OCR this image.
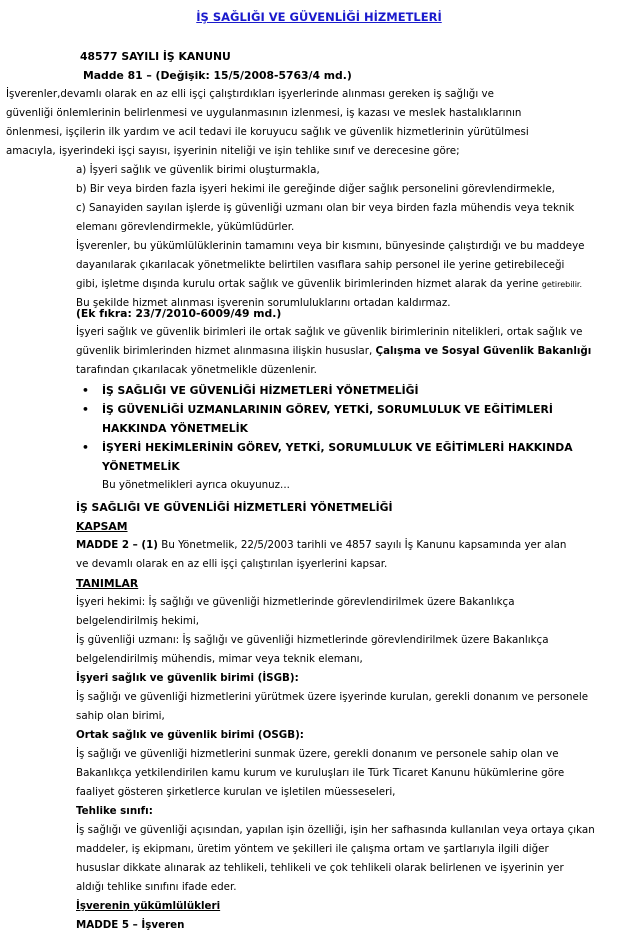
İŞ SAĞLIĞI VE GÜVENLİĞİ HİZMETLERİ
48577 SAYILI İŞ KANUNU
Madde 81 – (Değişik: 15/5/2008-5763/4 md.)
İşverenler,devamlı olarak en az elli işçi çalıştırdıkları işyerlerinde alınması gereken iş sağlığı ve
güvenliği önlemlerinin belirlenmesi ve uygulanmasının izlenmesi, iş kazası ve meslek hastalıklarının
önlenmesi, işçilerin ilk yardım ve acil tedavi ile koruyucu sağlık ve güvenlik hizmetlerinin yürütülmesi
amacıyla, işyerindeki işçi sayısı, işyerinin niteliği ve işin tehlike sınıf ve derecesine göre;
a) İşyeri sağlık ve güvenlik birimi oluşturmakla,
b) Bir veya birden fazla işyeri hekimi ile gereğinde diğer sağlık personelini görevlendirmekle,
c) Sanayiden sayılan işlerde iş güvenliği uzmanı olan bir veya birden fazla mühendis veya teknik
elemanı görevlendirmekle, yükümlüdürler.
İşverenler, bu yükümlülüklerinin tamamını veya bir kısmını, bünyesinde çalıştırdığı ve bu maddeye
dayanılarak çıkarılacak yönetmelikte belirtilen vasıflara sahip personel ile yerine getirebileceği
gibi, işletme dışında kurulu ortak sağlık ve güvenlik birimlerinden hizmet alarak da yerine getirebilir.
Bu şekilde hizmet alınması işverenin sorumluluklarını ortadan kaldırmaz.
(Ek fıkra: 23/7/2010-6009/49 md.)
İşyeri sağlık ve güvenlik birimleri ile ortak sağlık ve güvenlik birimlerinin nitelikleri, ortak sağlık ve
güvenlik birimlerinden hizmet alınmasına ilişkin hususlar, Çalışma ve Sosyal Güvenlik Bakanlığı
tarafından çıkarılacak yönetmelikle düzenlenir.
• İŞ SAĞLIĞI VE GÜVENLİĞİ HİZMETLERİ YÖNETMELİĞİ
• İŞ GÜVENLİĞİ UZMANLARININ GÖREV, YETKİ, SORUMLULUK VE EĞİTİMLERİ
HAKKINDA YÖNETMELİK
• İŞYERİ HEKİMLERİNİN GÖREV, YETKİ, SORUMLULUK VE EĞİTİMLERİ HAKKINDA
YÖNETMELİK
Bu yönetmelikleri ayrıca okuyunuz...
İŞ SAĞLIĞI VE GÜVENLİĞİ HİZMETLERİ YÖNETMELİĞİ
KAPSAM
MADDE 2 – (1) Bu Yönetmelik, 22/5/2003 tarihli ve 4857 sayılı İş Kanunu kapsamında yer alan
ve devamlı olarak en az elli işçi çalıştırılan işyerlerini kapsar.
TANIMLAR
İşyeri hekimi: İş sağlığı ve güvenliği hizmetlerinde görevlendirilmek üzere Bakanlıkça
belgelendirilmiş hekimi,
İş güvenliği uzmanı: İş sağlığı ve güvenliği hizmetlerinde görevlendirilmek üzere Bakanlıkça
belgelendirilmiş mühendis, mimar veya teknik elemanı,
İşyeri sağlık ve güvenlik birimi (İSGB):
İş sağlığı ve güvenliği hizmetlerini yürütmek üzere işyerinde kurulan, gerekli donanım ve personele
sahip olan birimi,
Ortak sağlık ve güvenlik birimi (OSGB):
İş sağlığı ve güvenliği hizmetlerini sunmak üzere, gerekli donanım ve personele sahip olan ve
Bakanlıkça yetkilendirilen kamu kurum ve kuruluşları ile Türk Ticaret Kanunu hükümlerine göre
faaliyet gösteren şirketlerce kurulan ve işletilen müesseseleri,
Tehlike sınıfı:
İş sağlığı ve güvenliği açısından, yapılan işin özelliği, işin her safhasında kullanılan veya ortaya çıkan
maddeler, iş ekipmanı, üretim yöntem ve şekilleri ile çalışma ortam ve şartlarıyla ilgili diğer
hususlar dikkate alınarak az tehlikeli, tehlikeli ve çok tehlikeli olarak belirlenen ve işyerinin yer
aldığı tehlike sınıfını ifade eder.
İşverenin yükümlülükleri
MADDE 5 – İşveren
